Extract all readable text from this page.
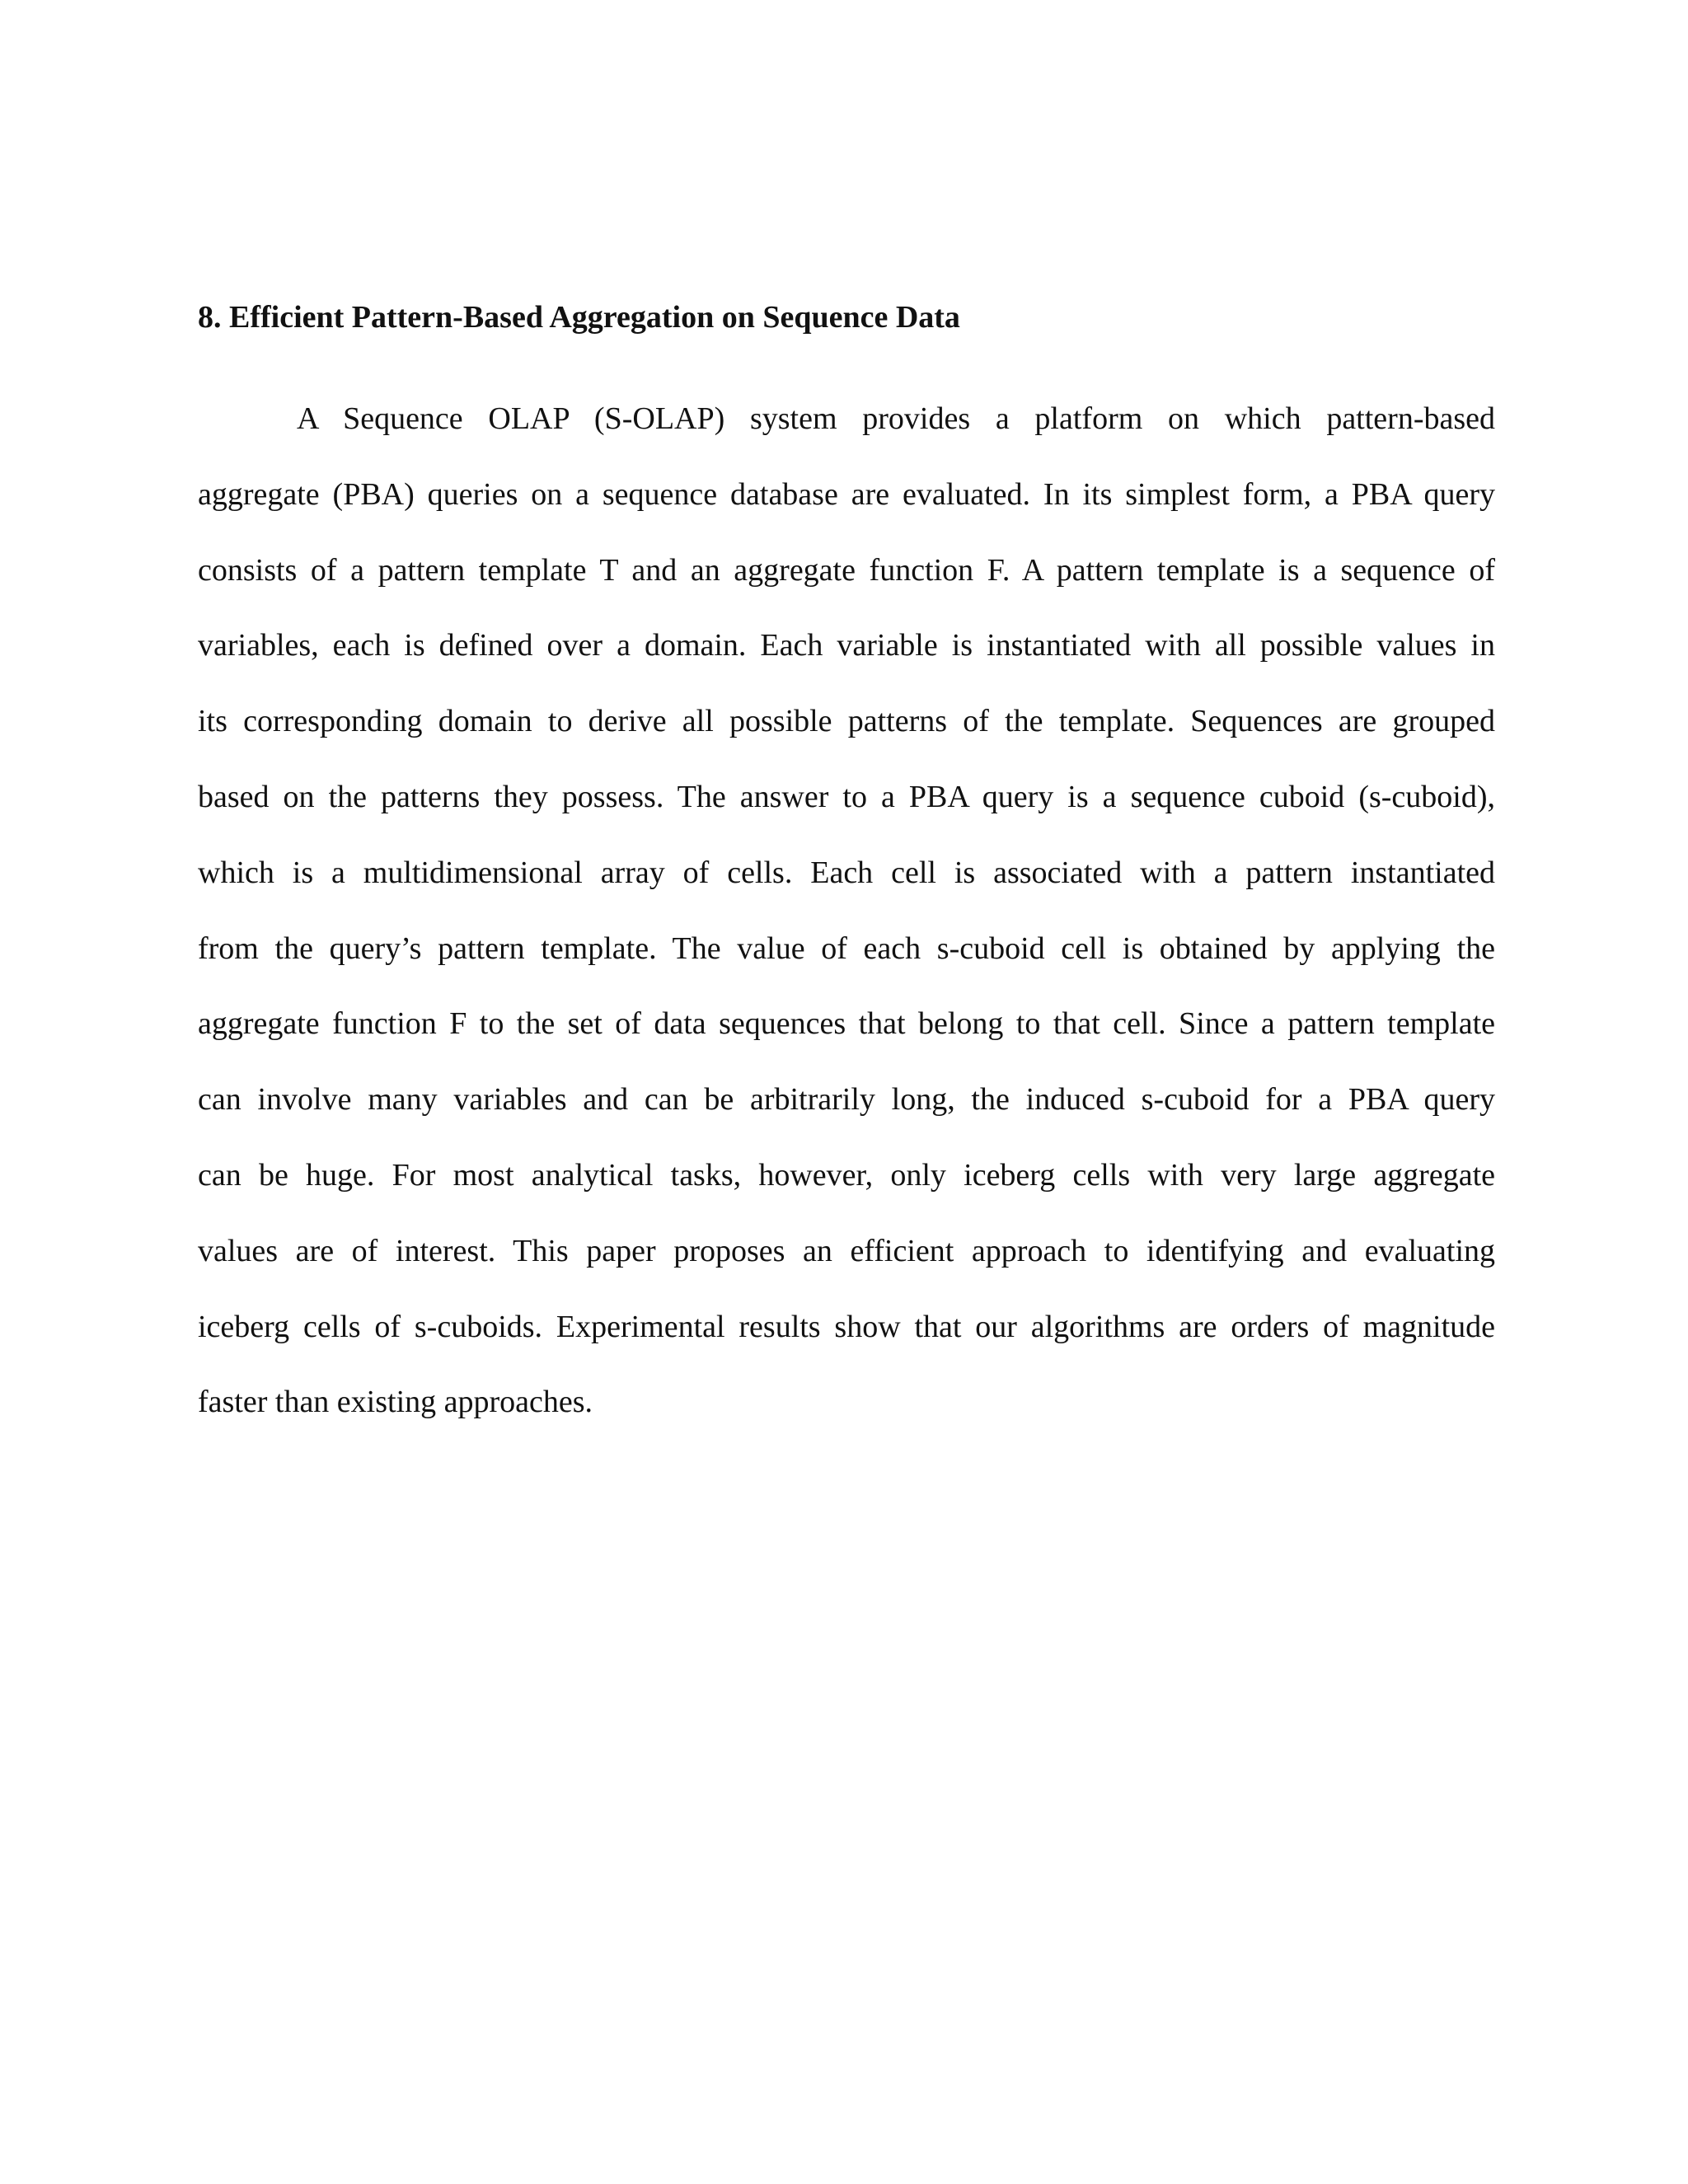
8. Efficient Pattern-Based Aggregation on Sequence Data
A Sequence OLAP (S-OLAP) system provides a platform on which pattern-based
aggregate (PBA) queries on a sequence database are evaluated. In its simplest form, a PBA query
consists of a pattern template T and an aggregate function F. A pattern template is a sequence of
variables, each is defined over a domain. Each variable is instantiated with all possible values in
its corresponding domain to derive all possible patterns of the template. Sequences are grouped
based on the patterns they possess. The answer to a PBA query is a sequence cuboid (s-cuboid),
which is a multidimensional array of cells. Each cell is associated with a pattern instantiated
from the query’s pattern template. The value of each s-cuboid cell is obtained by applying the
aggregate function F to the set of data sequences that belong to that cell. Since a pattern template
can involve many variables and can be arbitrarily long, the induced s-cuboid for a PBA query
can be huge. For most analytical tasks, however, only iceberg cells with very large aggregate
values are of interest. This paper proposes an efficient approach to identifying and evaluating
iceberg cells of s-cuboids. Experimental results show that our algorithms are orders of magnitude
faster than existing approaches.
